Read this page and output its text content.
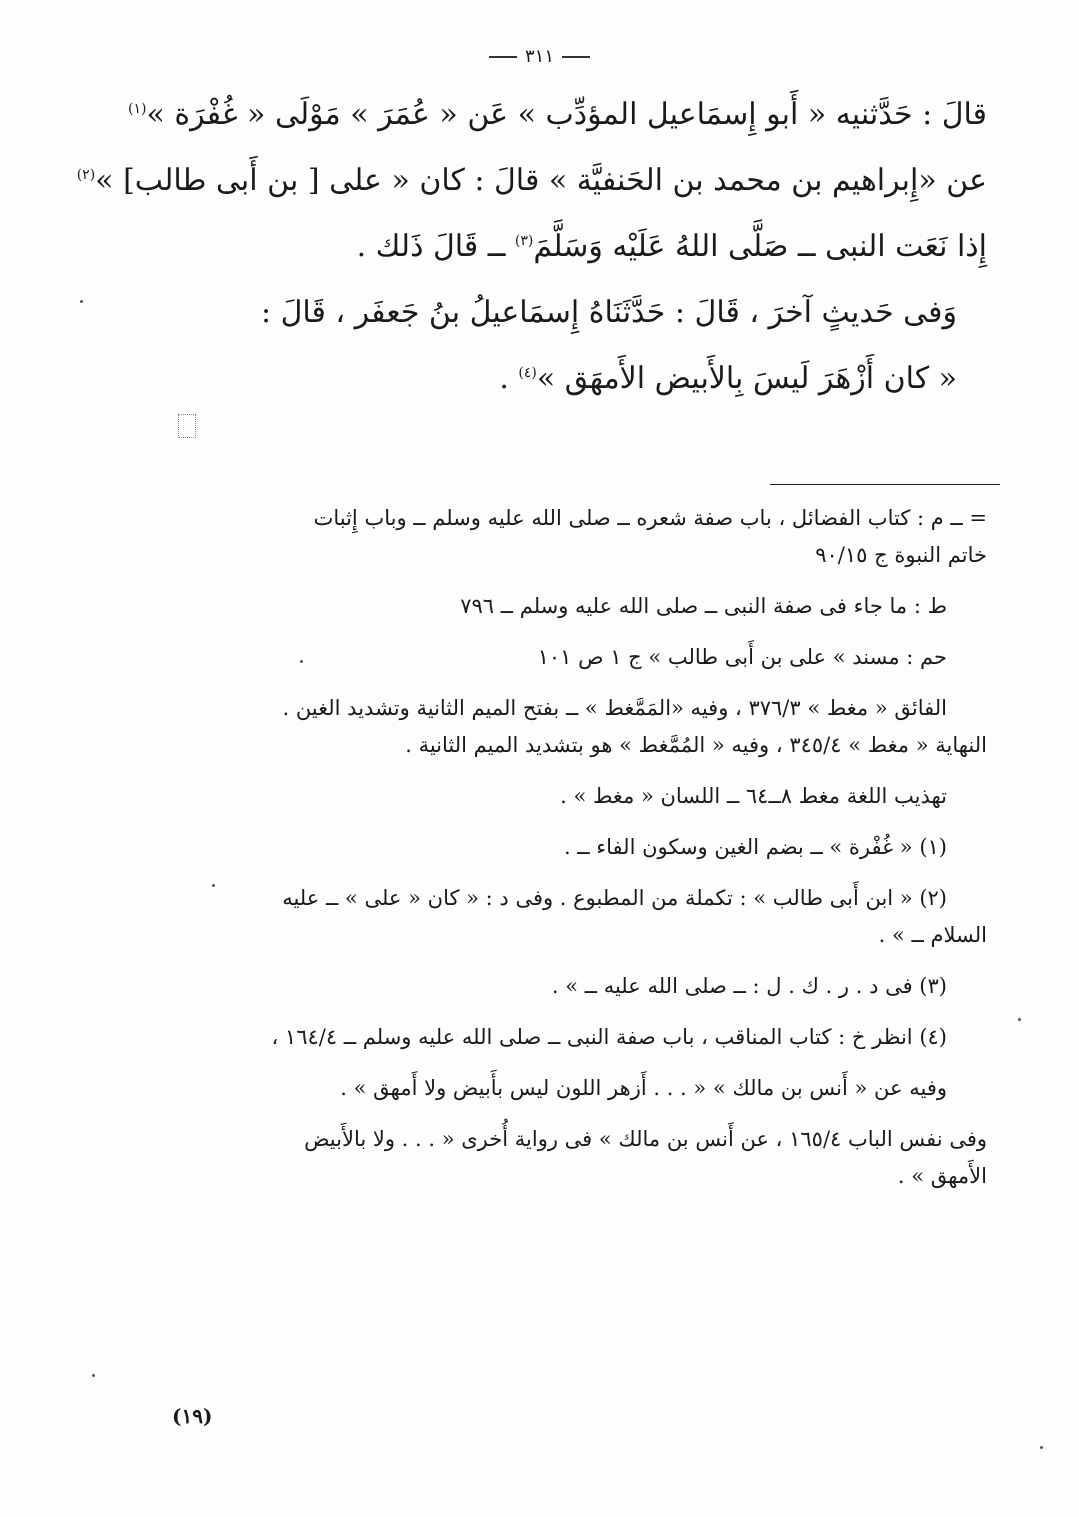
٣١١
قالَ : حَدَّثنيه « أَبو إِسمَاعيل المؤدِّب » عَن « عُمَرَ » مَوْلَى « غُفْرَة »$^{(١)}$
عن «إِبراهيم بن محمد بن الحَنفيَّة » قالَ : كان « على [ بن أَبى طالب] »$^{(٢)}$
إِذا نَعَت النبى ــ صَلَّى اللهُ عَلَيْه وَسَلَّمَ$^{(٣)}$ ــ قَالَ ذَلك .
وَفى حَديثٍ آخرَ ، قَالَ : حَدَّثَنَاهُ إِسمَاعيلُ بنُ جَعفَر ، قَالَ :
« كان أَزْهَرَ لَيسَ بِالأَبيض الأَمهَق »$^{(٤)}$ .
= ــ م : كتاب الفضائل ، باب صفة شعره ــ صلى الله عليه وسلم ــ وباب إِثبات
خاتم النبوة ج ٩٠/١٥
ط : ما جاء فى صفة النبى ــ صلى الله عليه وسلم ــ ٧٩٦
حم : مسند » على بن أَبى طالب » ج ١ ص ١٠١
الفائق « مغط » ٣٧٦/٣ ، وفيه «المَمَّغط » ــ بفتح الميم الثانية وتشديد الغين .
النهاية « مغط » ٣٤٥/٤ ، وفيه « المُمَّغط » هو بتشديد الميم الثانية .
تهذيب اللغة مغط ٨ــ٦٤ ــ اللسان « مغط » .
(١) « غُفْرة » ــ بضم الغين وسكون الفاء ــ .
(٢) « ابن أَبى طالب » : تكملة من المطبوع . وفى د : « كان « على » ــ عليه
السلام ــ » .
(٣) فى د . ر . ك . ل : ــ صلى الله عليه ــ » .
(٤) انظر خ : كتاب المناقب ، باب صفة النبى ــ صلى الله عليه وسلم ــ ١٦٤/٤ ،
وفيه عن « أَنس بن مالك » « . . . أَزهر اللون ليس بأَبيض ولا أَمهق » .
وفى نفس الباب ١٦٥/٤ ، عن أَنس بن مالك » فى رواية أُخرى « . . . ولا بالأَبيض
الأَمهق » .
(١٩)
